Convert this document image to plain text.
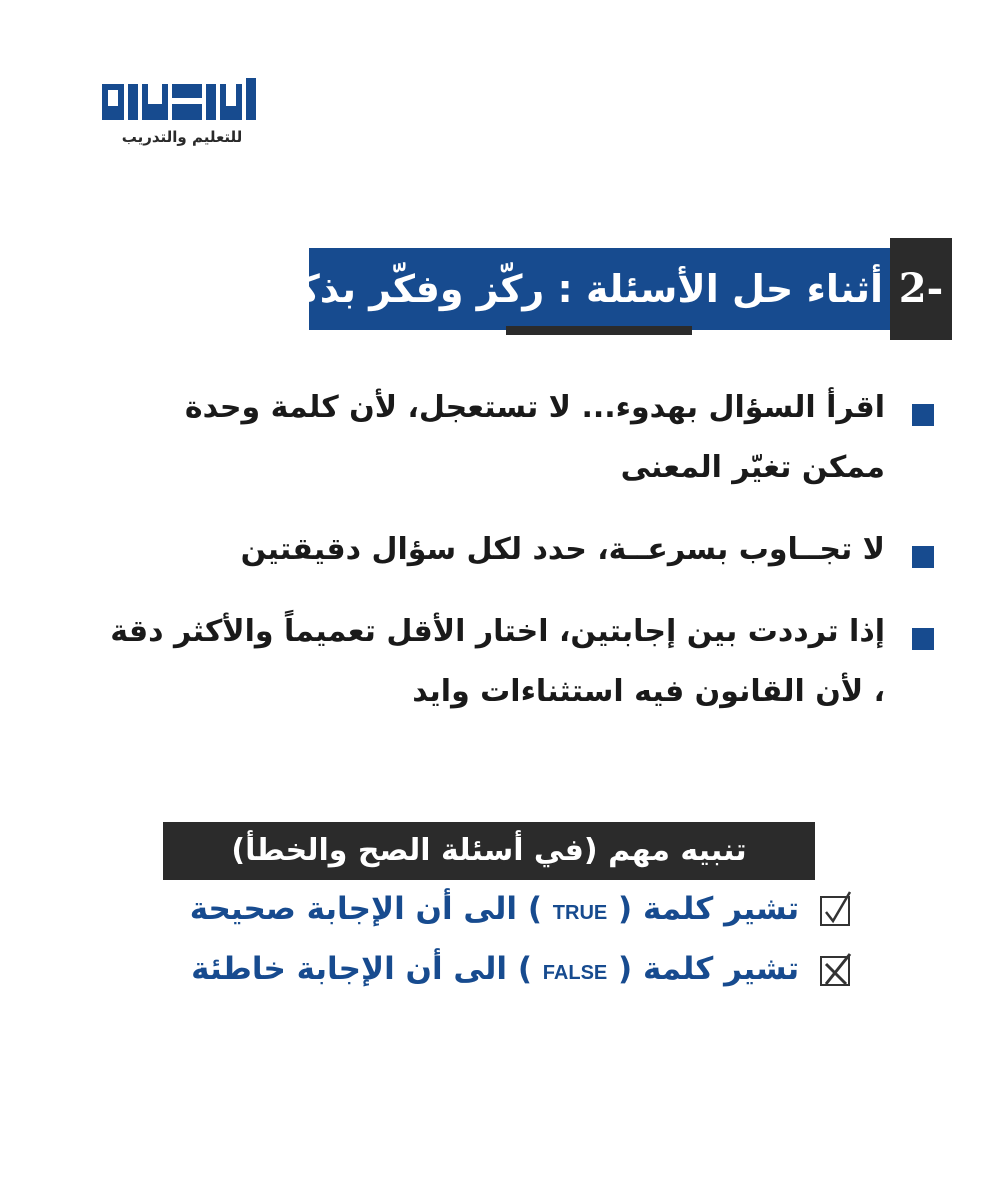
للتعليم والتدريب
أثناء حل الأسئلة : ركّز وفكّر بذكاء 2-
اقرأ السؤال بهدوء... لا تستعجل، لأن كلمة وحدة ممكن تغيّر المعنى
لا تجــاوب بسرعــة، حدد لكل سؤال دقيقتين
إذا ترددت بين إجابتين، اختار الأقل تعميماً والأكثر دقة ، لأن القانون فيه استثناءات وايد
تنبيه مهم (في أسئلة الصح والخطأ)
تشير كلمة ( TRUE ) الى أن الإجابة صحيحة
تشير كلمة ( FALSE ) الى أن الإجابة خاطئة
